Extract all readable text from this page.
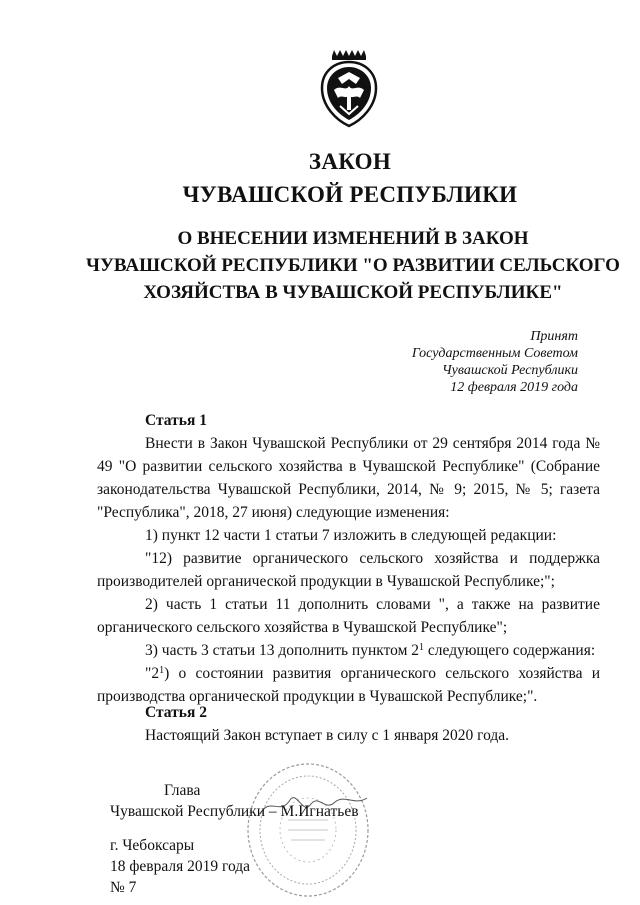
ЗАКОН
ЧУВАШСКОЙ РЕСПУБЛИКИ
О ВНЕСЕНИИ ИЗМЕНЕНИЙ В ЗАКОН
ЧУВАШСКОЙ РЕСПУБЛИКИ "О РАЗВИТИИ СЕЛЬСКОГО
ХОЗЯЙСТВА В ЧУВАШСКОЙ РЕСПУБЛИКЕ"
Принят
Государственным Советом
Чувашской Республики
12 февраля 2019 года
Статья 1
Внести в Закон Чувашской Республики от 29 сентября 2014 года № 49 "О развитии сельского хозяйства в Чувашской Республике" (Собрание законодательства Чувашской Республики, 2014, № 9; 2015, № 5; газета "Республика", 2018, 27 июня) следующие изменения:
1) пункт 12 части 1 статьи 7 изложить в следующей редакции:
"12) развитие органического сельского хозяйства и поддержка производителей органической продукции в Чувашской Республике;";
2) часть 1 статьи 11 дополнить словами ", а также на развитие органического сельского хозяйства в Чувашской Республике";
3) часть 3 статьи 13 дополнить пунктом $2^1$ следующего содержания:
"$2^1$) о состоянии развития органического сельского хозяйства и производства органической продукции в Чувашской Республике;".
Статья 2
Настоящий Закон вступает в силу с 1 января 2020 года.
Глава
Чувашской Республики – М.Игнатьев
г. Чебоксары
18 февраля 2019 года
№ 7
